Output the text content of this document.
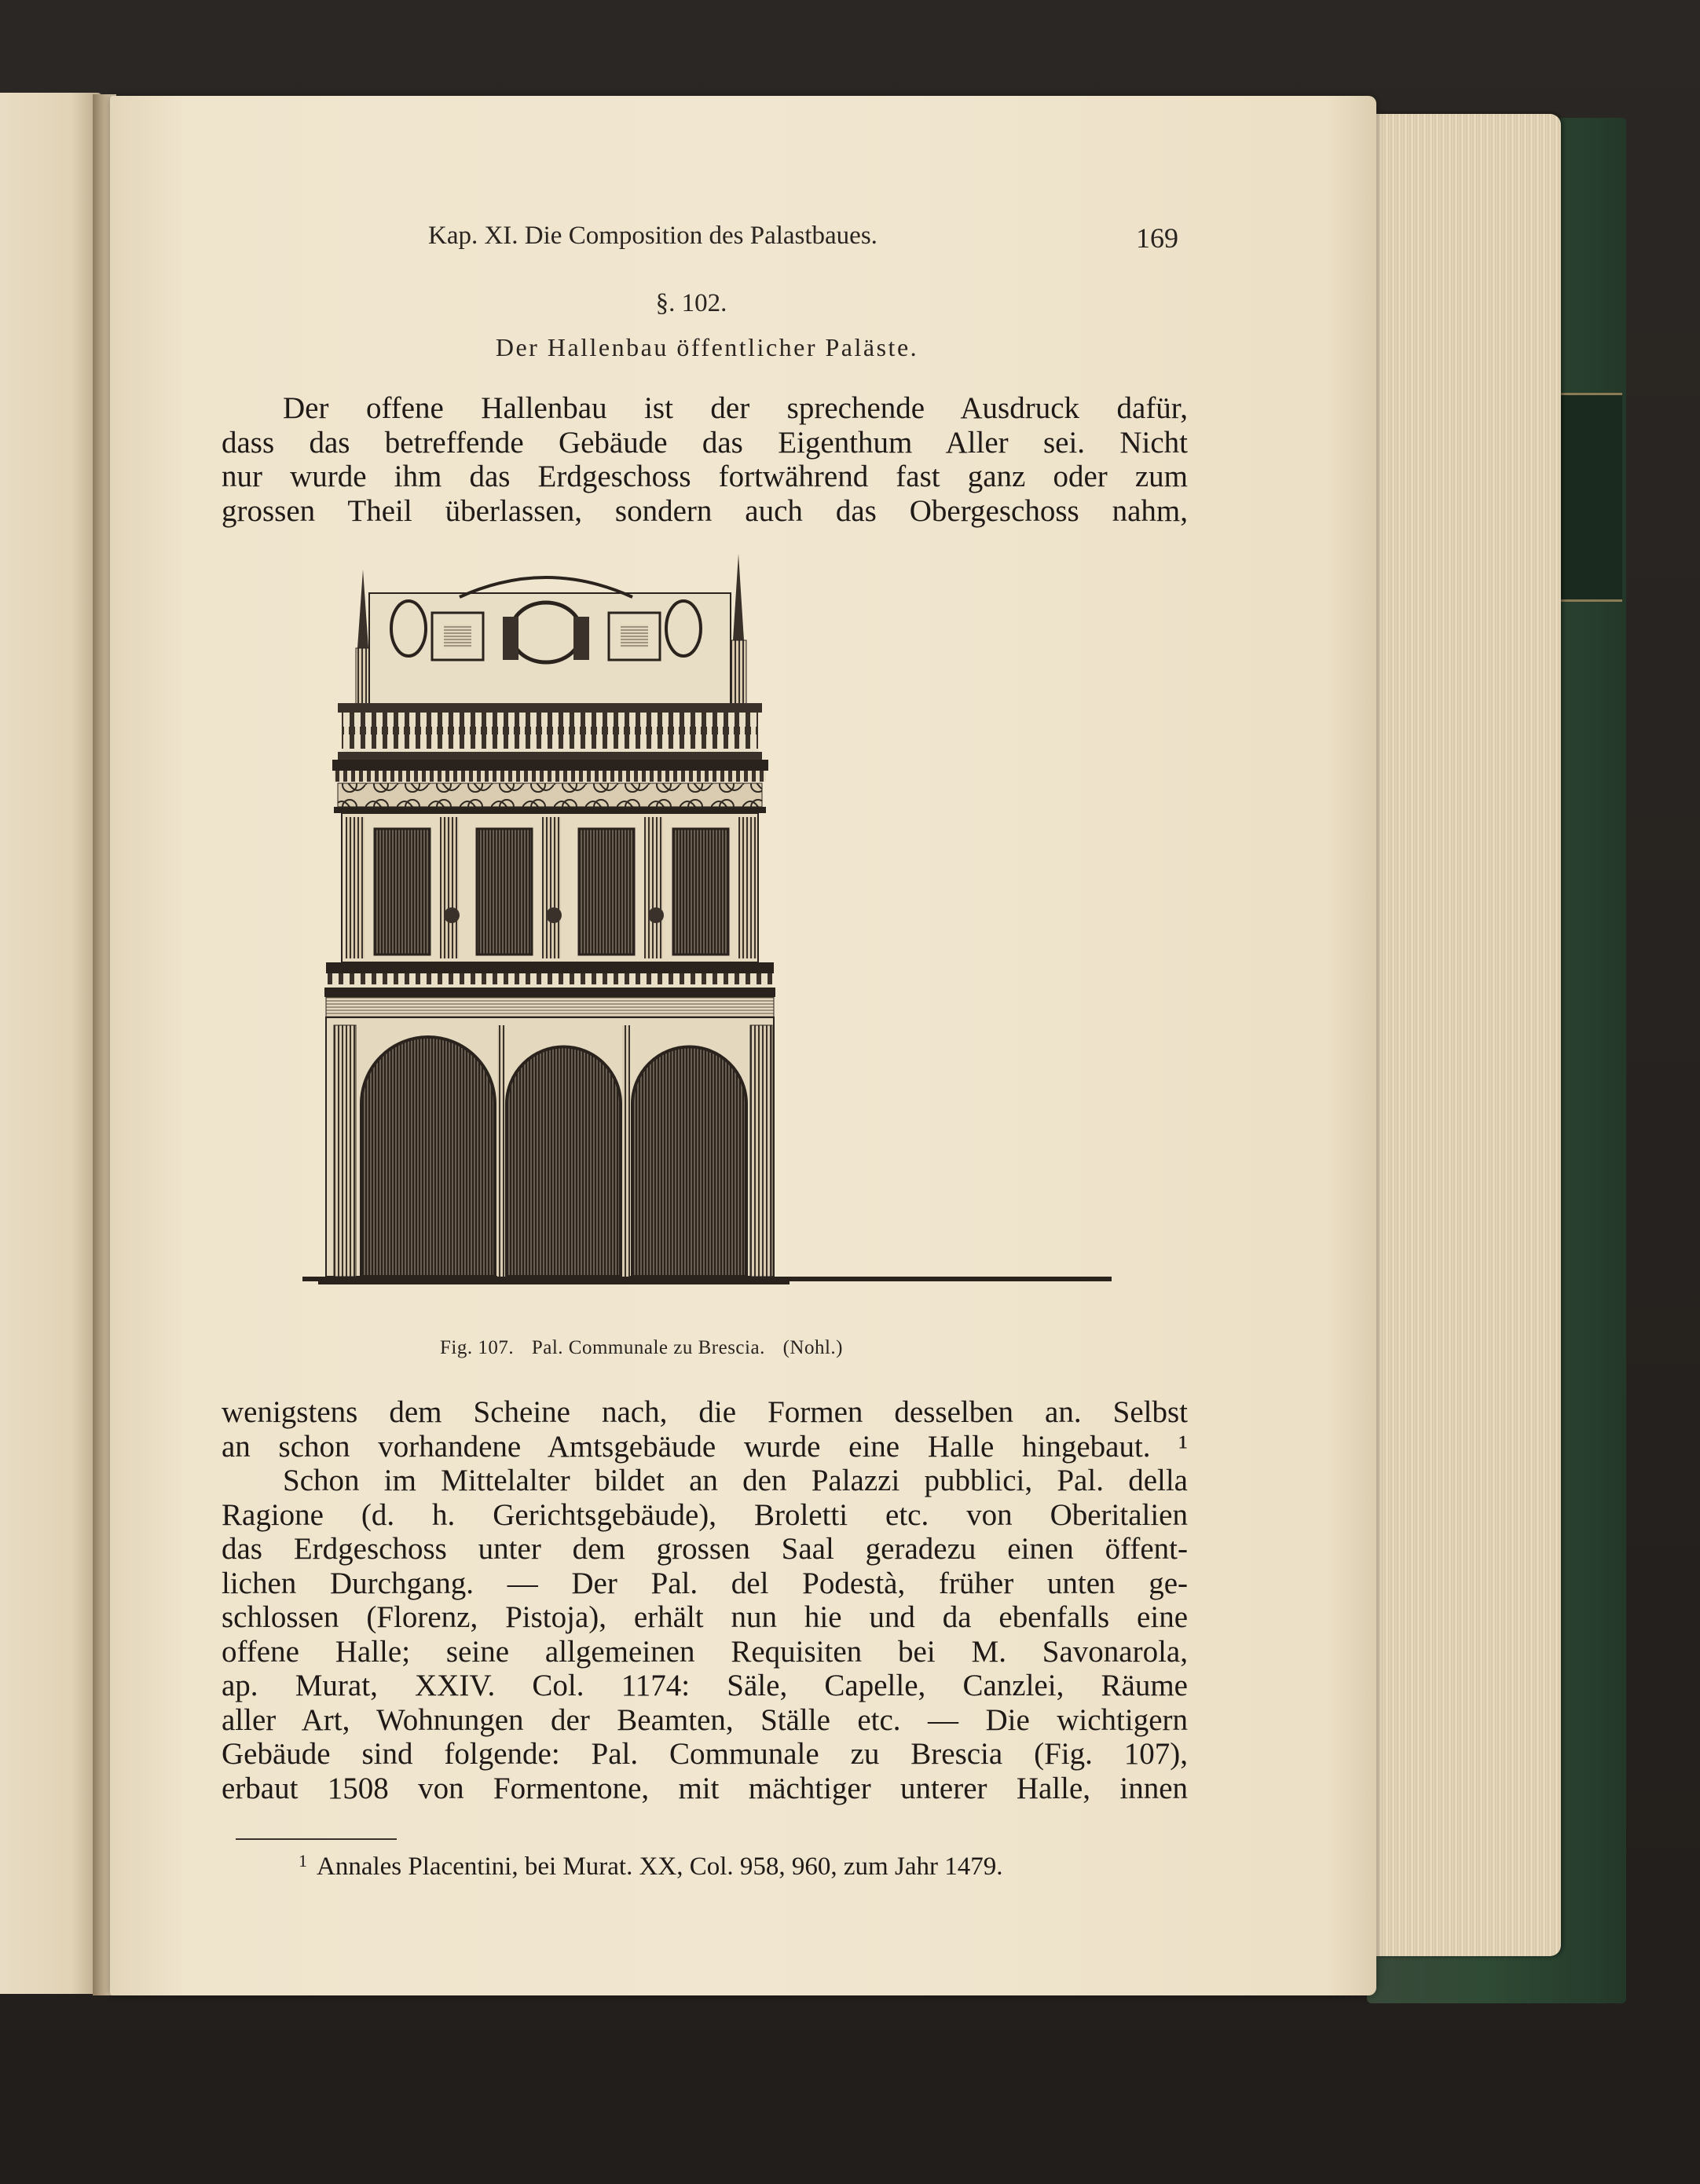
Kap. XI. Die Composition des Palastbaues.	169
§. 102.
Der Hallenbau öffentlicher Paläste.
Der offene Hallenbau ist der sprechende Ausdruck dafür,
dass das betreffende Gebäude das Eigenthum Aller sei. Nicht
nur wurde ihm das Erdgeschoss fortwährend fast ganz oder zum
grossen Theil überlassen, sondern auch das Obergeschoss nahm,
Fig. 107. Pal. Communale zu Brescia. (Nohl.)
wenigstens dem Scheine nach, die Formen desselben an. Selbst
an schon vorhandene Amtsgebäude wurde eine Halle hingebaut. ¹
Schon im Mittelalter bildet an den Palazzi pubblici, Pal. della
Ragione (d. h. Gerichtsgebäude), Broletti etc. von Oberitalien
das Erdgeschoss unter dem grossen Saal geradezu einen öffent-
lichen Durchgang. — Der Pal. del Podestà, früher unten ge-
schlossen (Florenz, Pistoja), erhält nun hie und da ebenfalls eine
offene Halle; seine allgemeinen Requisiten bei M. Savonarola,
ap. Murat, XXIV. Col. 1174: Säle, Capelle, Canzlei, Räume
aller Art, Wohnungen der Beamten, Ställe etc. — Die wichtigern
Gebäude sind folgende: Pal. Communale zu Brescia (Fig. 107),
erbaut 1508 von Formentone, mit mächtiger unterer Halle, innen
$^1$ Annales Placentini, bei Murat. XX, Col. 958, 960, zum Jahr 1479.
